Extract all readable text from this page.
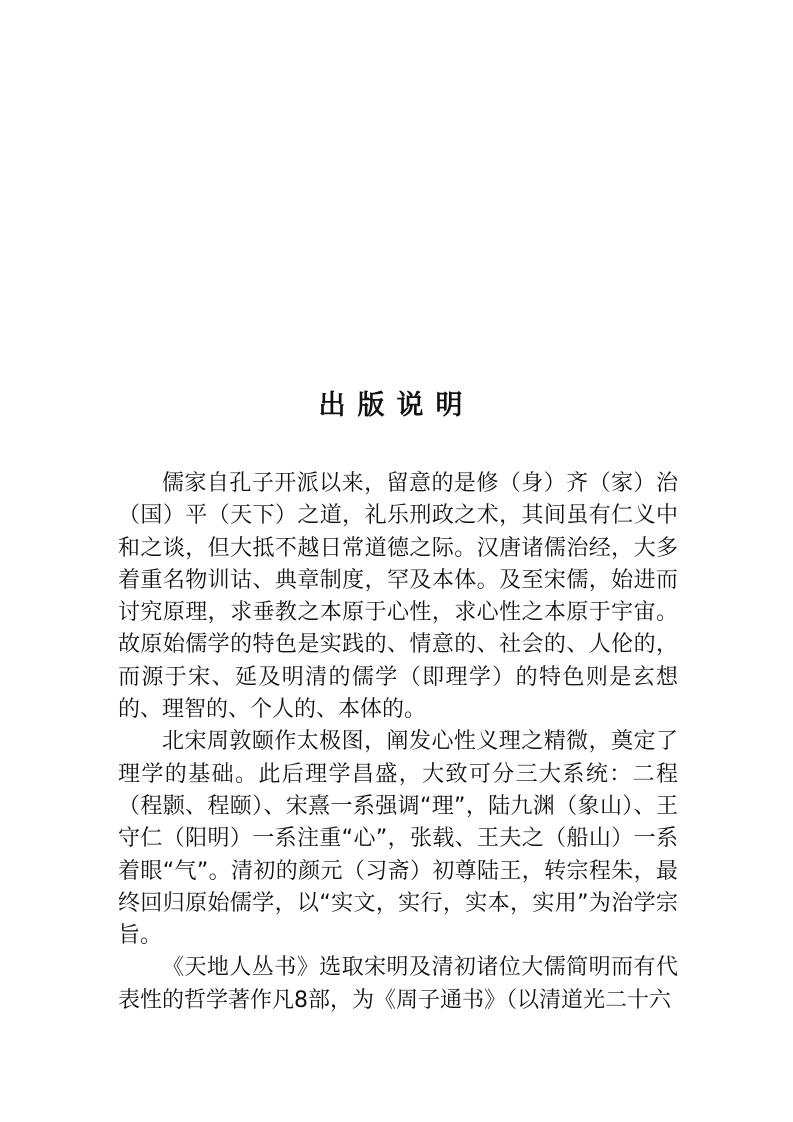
出版说明

儒家自孔子开派以来，留意的是修（身）齐（家）治（国）平（天下）之道，礼乐刑政之术，其间虽有仁义中和之谈，但大抵不越日常道德之际。汉唐诸儒治经，大多着重名物训诂、典章制度，罕及本体。及至宋儒，始进而讨究原理，求垂教之本原于心性，求心性之本原于宇宙。故原始儒学的特色是实践的、情意的、社会的、人伦的，而源于宋、延及明清的儒学（即理学）的特色则是玄想的、理智的、个人的、本体的。

北宋周敦颐作太极图，阐发心性义理之精微，奠定了理学的基础。此后理学昌盛，大致可分三大系统：二程（程颢、程颐）、宋熹一系强调“理”，陆九渊（象山）、王守仁（阳明）一系注重“心”，张载、王夫之（船山）一系着眼“气”。清初的颜元（习斋）初尊陆王，转宗程朱，最终回归原始儒学，以“实文，实行，实本，实用”为治学宗旨。

《天地人丛书》选取宋明及清初诸位大儒简明而有代表性的哲学著作凡8部，为《周子通书》（以清道光二十六
